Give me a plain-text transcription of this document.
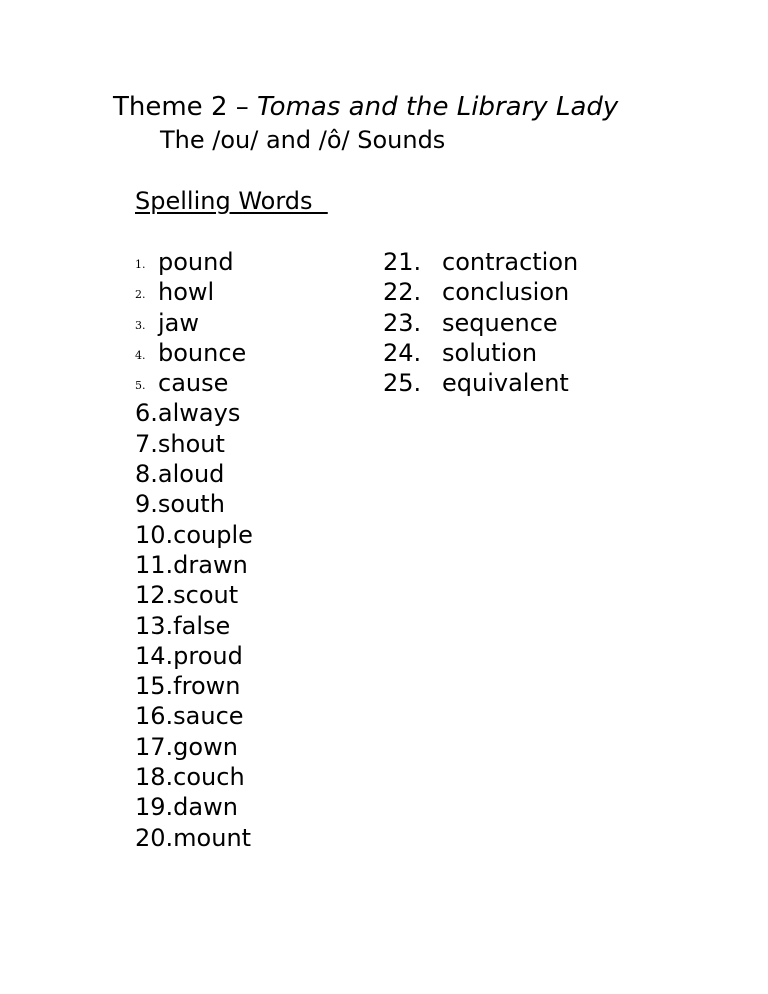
Theme 2 – Tomas and the Library Lady
The /ou/ and /ô/ Sounds
Spelling Words
1. pound
2. howl
3. jaw
4. bounce
5. cause
6.always
7.shout
8.aloud
9.south
10.couple
11.drawn
12.scout
13.false
14.proud
15.frown
16.sauce
17.gown
18.couch
19.dawn
20.mount
21. contraction
22. conclusion
23. sequence
24. solution
25. equivalent
